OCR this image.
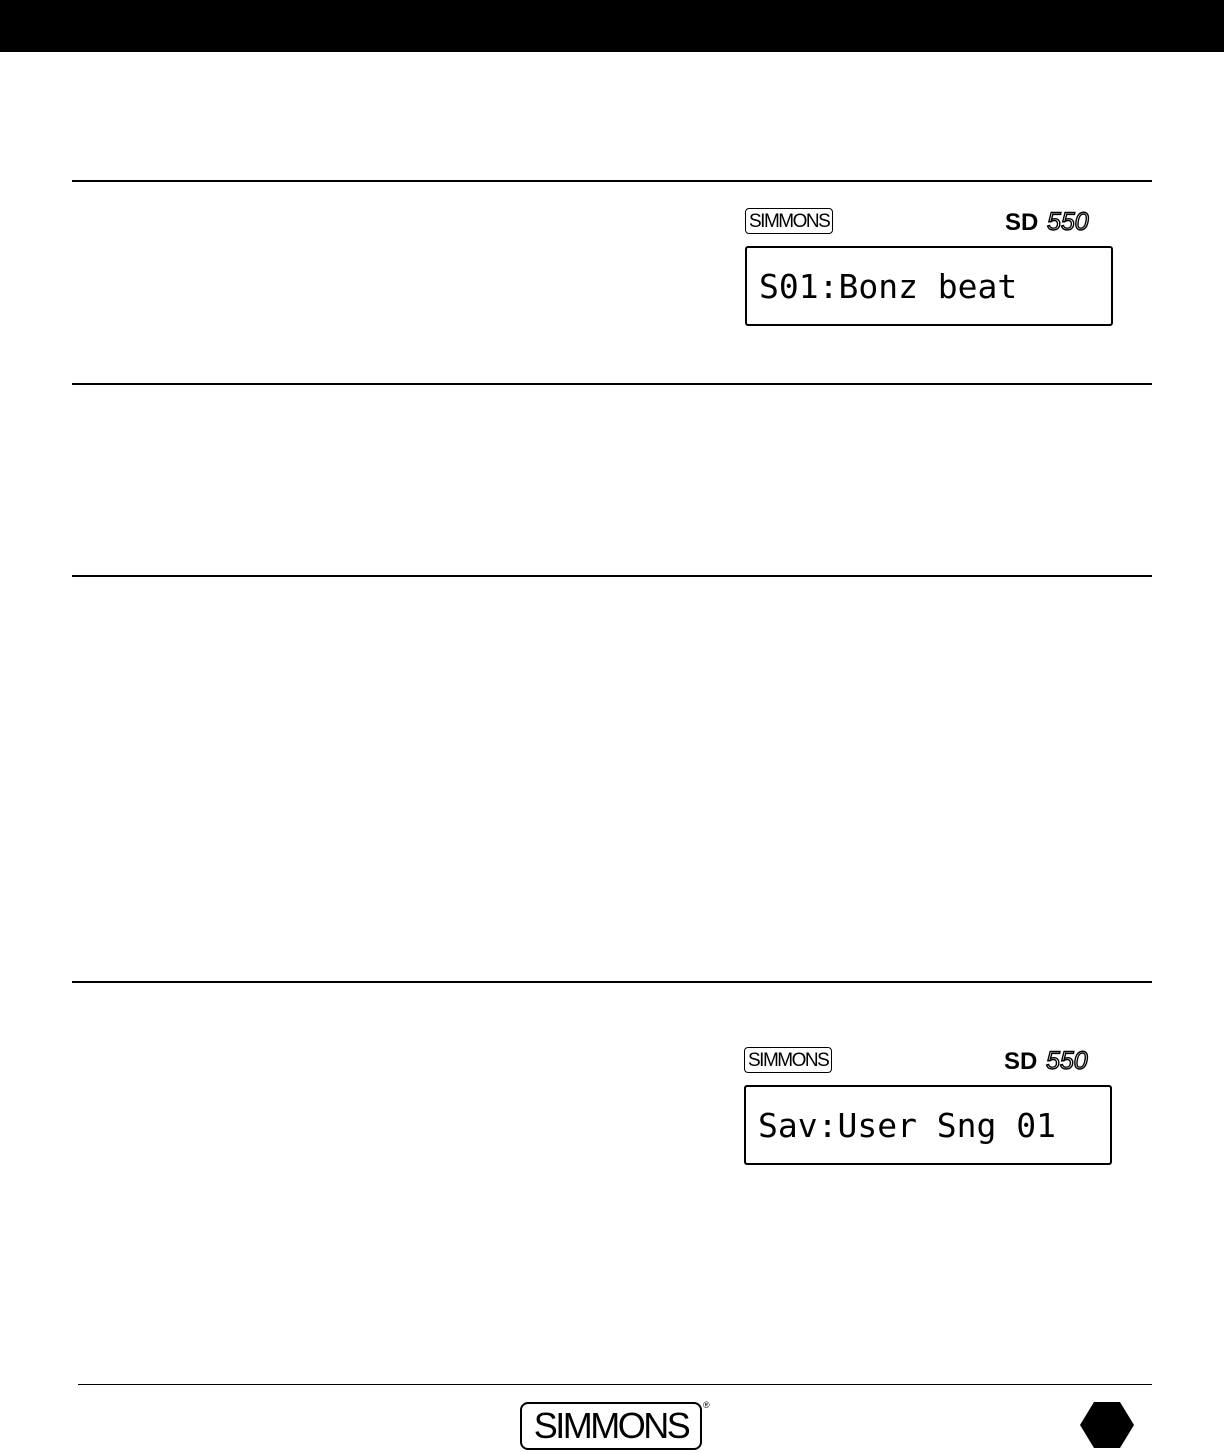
SIMMONS	SD 550
S01:Bonz beat
SIMMONS	SD 550
Sav:User Sng 01
SIMMONS	®
